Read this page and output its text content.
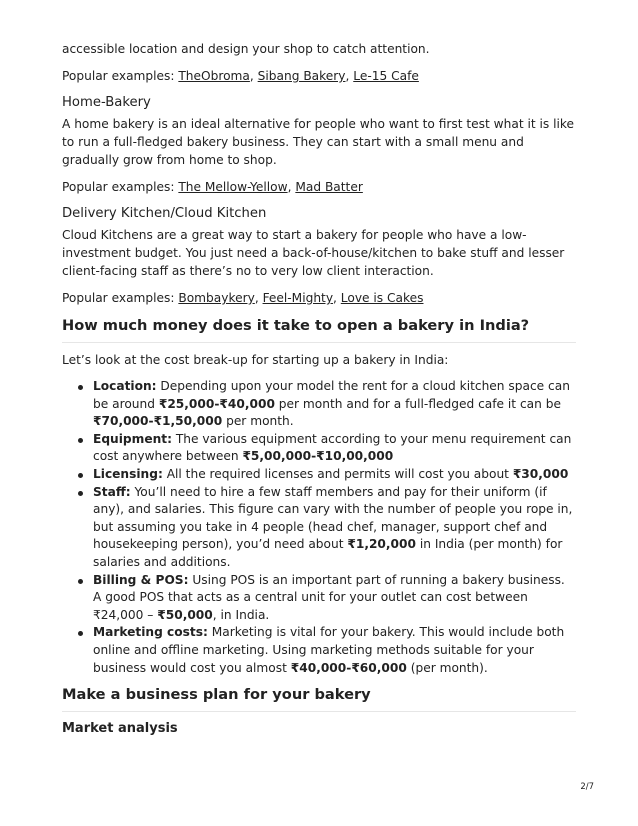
accessible location and design your shop to catch attention.

Popular examples: TheObroma, Sibang Bakery, Le-15 Cafe

Home-Bakery

A home bakery is an ideal alternative for people who want to first test what it is like to run a full-fledged bakery business. They can start with a small menu and gradually grow from home to shop.

Popular examples: The Mellow-Yellow, Mad Batter

Delivery Kitchen/Cloud Kitchen

Cloud Kitchens are a great way to start a bakery for people who have a low-investment budget. You just need a back-of-house/kitchen to bake stuff and lesser client-facing staff as there’s no to very low client interaction.

Popular examples: Bombaykery, Feel-Mighty, Love is Cakes

How much money does it take to open a bakery in India?

Let’s look at the cost break-up for starting up a bakery in India:

Location: Depending upon your model the rent for a cloud kitchen space can be around ₹25,000-₹40,000 per month and for a full-fledged cafe it can be ₹70,000-₹1,50,000 per month.
Equipment: The various equipment according to your menu requirement can cost anywhere between ₹5,00,000-₹10,00,000
Licensing: All the required licenses and permits will cost you about ₹30,000
Staff: You’ll need to hire a few staff members and pay for their uniform (if any), and salaries. This figure can vary with the number of people you rope in, but assuming you take in 4 people (head chef, manager, support chef and housekeeping person), you’d need about ₹1,20,000 in India (per month) for salaries and additions.
Billing & POS: Using POS is an important part of running a bakery business. A good POS that acts as a central unit for your outlet can cost between ₹24,000 – ₹50,000, in India.
Marketing costs: Marketing is vital for your bakery. This would include both online and offline marketing. Using marketing methods suitable for your business would cost you almost ₹40,000-₹60,000 (per month).
Make a business plan for your bakery
Market analysis
2/7
